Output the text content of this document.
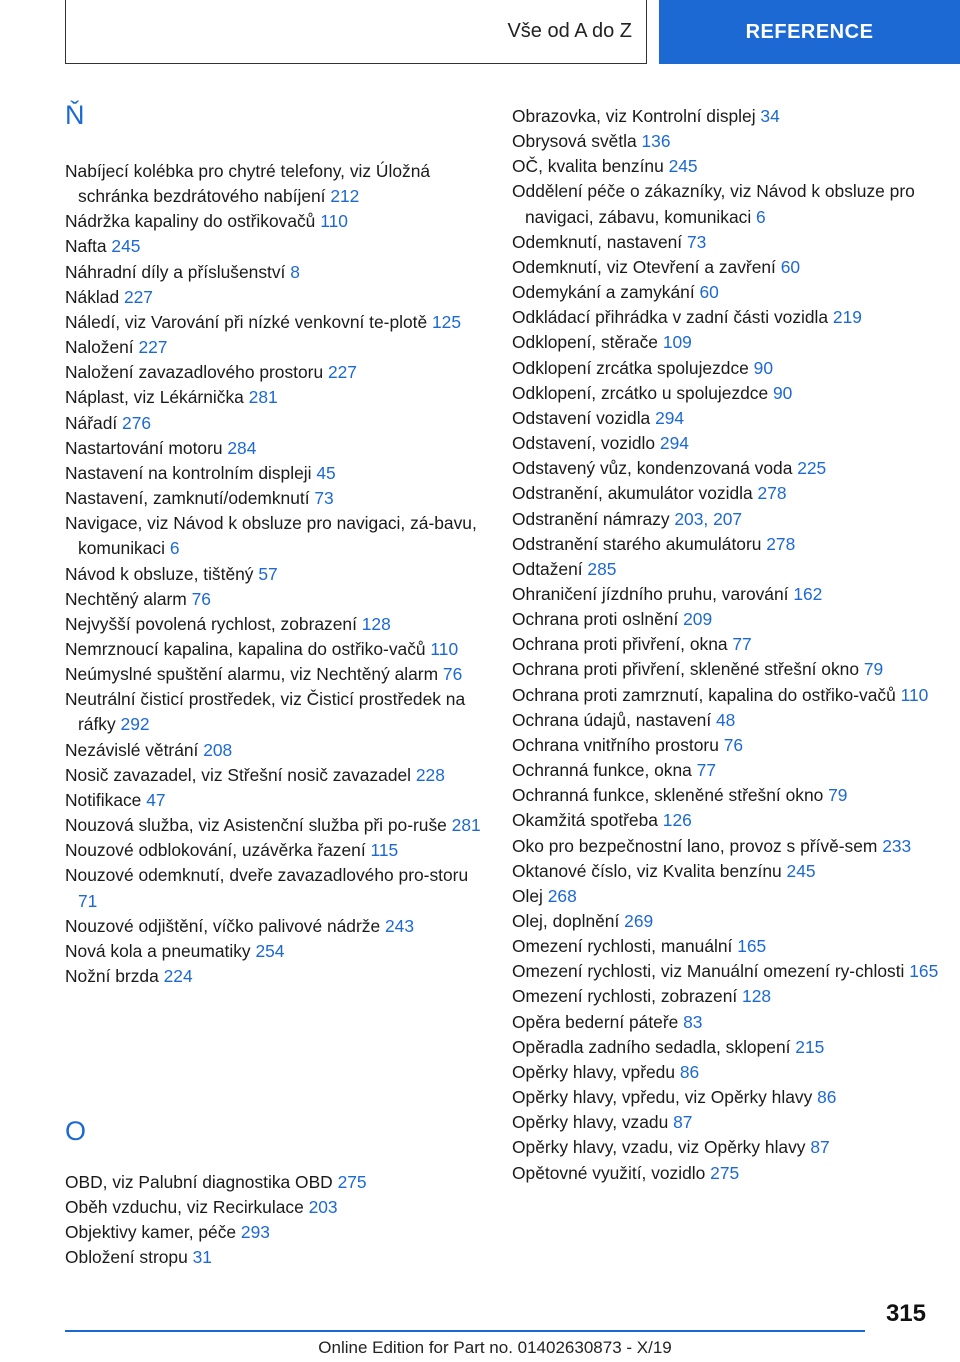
Vše od A do Z	REFERENCE
Ň
Nabíjecí kolébka pro chytré telefony, viz Úložná schránka bezdrátového nabíjení 212
Nádržka kapaliny do ostřikovačů 110
Nafta 245
Náhradní díly a příslušenství 8
Náklad 227
Náledí, viz Varování při nízké venkovní te-plotě 125
Naložení 227
Naložení zavazadlového prostoru 227
Náplast, viz Lékárnička 281
Nářadí 276
Nastartování motoru 284
Nastavení na kontrolním displeji 45
Nastavení, zamknutí/odemknutí 73
Navigace, viz Návod k obsluze pro navigaci, zá-bavu, komunikaci 6
Návod k obsluze, tištěný 57
Nechtěný alarm 76
Nejvyšší povolená rychlost, zobrazení 128
Nemrznoucí kapalina, kapalina do ostřiko-vačů 110
Neúmyslné spuštění alarmu, viz Nechtěný alarm 76
Neutrální čisticí prostředek, viz Čisticí prostředek na ráfky 292
Nezávislé větrání 208
Nosič zavazadel, viz Střešní nosič zavazadel 228
Notifikace 47
Nouzová služba, viz Asistenční služba při po-ruše 281
Nouzové odblokování, uzávěrka řazení 115
Nouzové odemknutí, dveře zavazadlového pro-storu 71
Nouzové odjištění, víčko palivové nádrže 243
Nová kola a pneumatiky 254
Nožní brzda 224
O
OBD, viz Palubní diagnostika OBD 275
Oběh vzduchu, viz Recirkulace 203
Objektivy kamer, péče 293
Obložení stropu 31
Obrazovka, viz Kontrolní displej 34
Obrysová světla 136
OČ, kvalita benzínu 245
Oddělení péče o zákazníky, viz Návod k obsluze pro navigaci, zábavu, komunikaci 6
Odemknutí, nastavení 73
Odemknutí, viz Otevření a zavření 60
Odemykání a zamykání 60
Odkládací přihrádka v zadní části vozidla 219
Odklopení, stěrače 109
Odklopení zrcátka spolujezdce 90
Odklopení, zrcátko u spolujezdce 90
Odstavení vozidla 294
Odstavení, vozidlo 294
Odstavený vůz, kondenzovaná voda 225
Odstranění, akumulátor vozidla 278
Odstranění námrazy 203, 207
Odstranění starého akumulátoru 278
Odtažení 285
Ohraničení jízdního pruhu, varování 162
Ochrana proti oslnění 209
Ochrana proti přivření, okna 77
Ochrana proti přivření, skleněné střešní okno 79
Ochrana proti zamrznutí, kapalina do ostřiko-vačů 110
Ochrana údajů, nastavení 48
Ochrana vnitřního prostoru 76
Ochranná funkce, okna 77
Ochranná funkce, skleněné střešní okno 79
Okamžitá spotřeba 126
Oko pro bezpečnostní lano, provoz s přívě-sem 233
Oktanové číslo, viz Kvalita benzínu 245
Olej 268
Olej, doplnění 269
Omezení rychlosti, manuální 165
Omezení rychlosti, viz Manuální omezení ry-chlosti 165
Omezení rychlosti, zobrazení 128
Opěra bederní páteře 83
Opěradla zadního sedadla, sklopení 215
Opěrky hlavy, vpředu 86
Opěrky hlavy, vpředu, viz Opěrky hlavy 86
Opěrky hlavy, vzadu 87
Opěrky hlavy, vzadu, viz Opěrky hlavy 87
Opětovné využití, vozidlo 275
315
Online Edition for Part no. 01402630873 - X/19
